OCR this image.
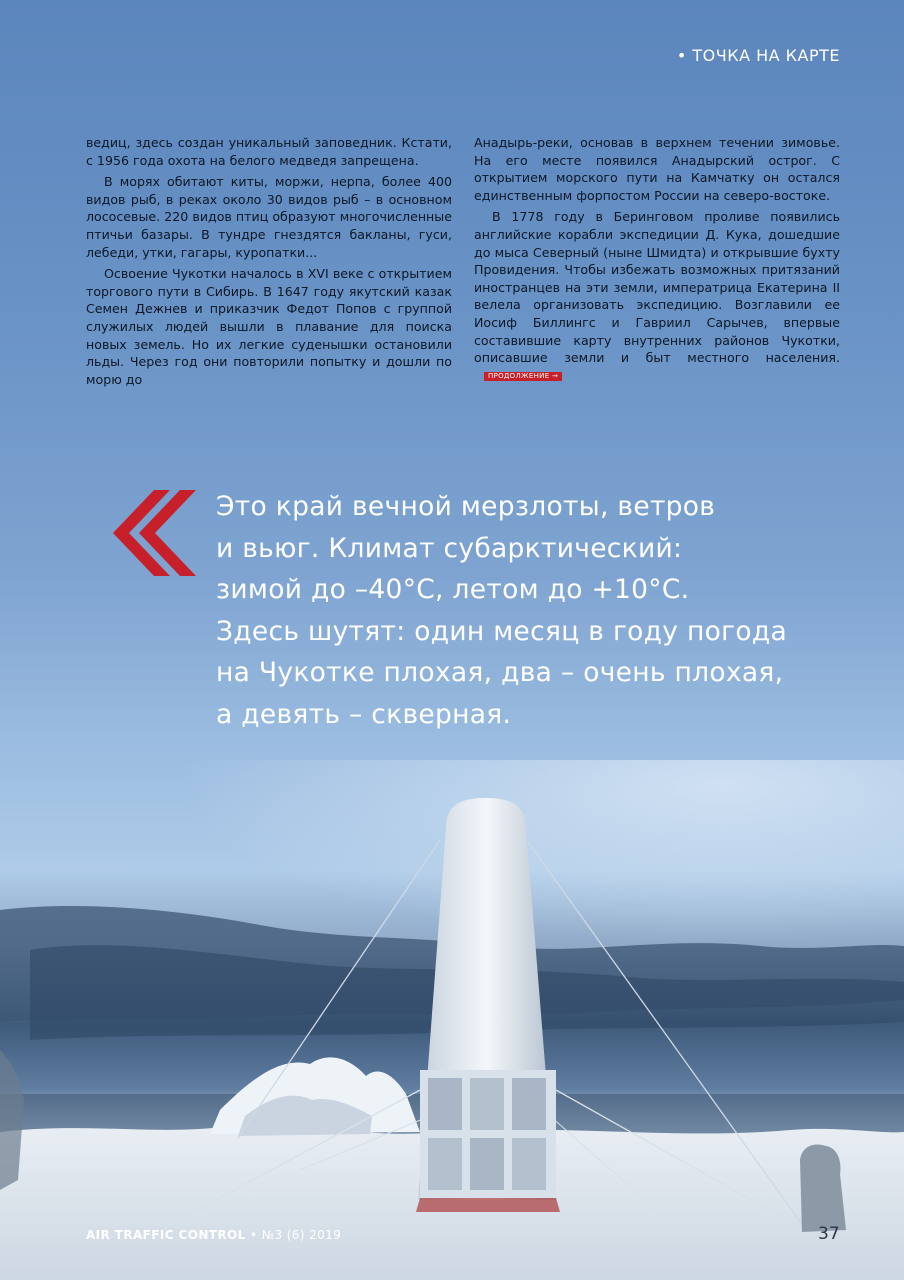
• ТОЧКА НА КАРТЕ

ведиц, здесь создан уникальный заповедник. Кстати, с 1956 года охота на белого медведя запрещена.

В морях обитают киты, моржи, нерпа, более 400 видов рыб, в реках около 30 видов рыб – в основном лососевые. 220 видов птиц образуют многочисленные птичьи базары. В тундре гнездятся бакланы, гуси, лебеди, утки, гагары, куропатки...

Освоение Чукотки началось в XVI веке с открытием торгового пути в Сибирь. В 1647 году якутский казак Семен Дежнев и приказчик Федот Попов с группой служилых людей вышли в плавание для поиска новых земель. Но их легкие суденышки остановили льды. Через год они повторили попытку и дошли по морю до

Анадырь-реки, основав в верхнем течении зимовье. На его месте появился Анадырский острог. С открытием морского пути на Камчатку он остался единственным форпостом России на северо-востоке.

В 1778 году в Беринговом проливе появились английские корабли экспедиции Д. Кука, дошедшие до мыса Северный (ныне Шмидта) и открывшие бухту Провидения. Чтобы избежать возможных притязаний иностранцев на эти земли, императрица Екатерина II велела организовать экспедицию. Возглавили ее Иосиф Биллингс и Гавриил Сарычев, впервые составившие карту внутренних районов Чукотки, описавшие земли и быт местного населения.ПРОДОЛЖЕНИЕ →

Это край вечной мерзлоты, ветров
и вьюг. Климат субарктический:
зимой до –40°С, летом до +10°С.
Здесь шутят: один месяц в году погода
на Чукотке плохая, два – очень плохая,
а девять – скверная.
AIR TRAFFIC CONTROL • №3 (6) 2019	37
